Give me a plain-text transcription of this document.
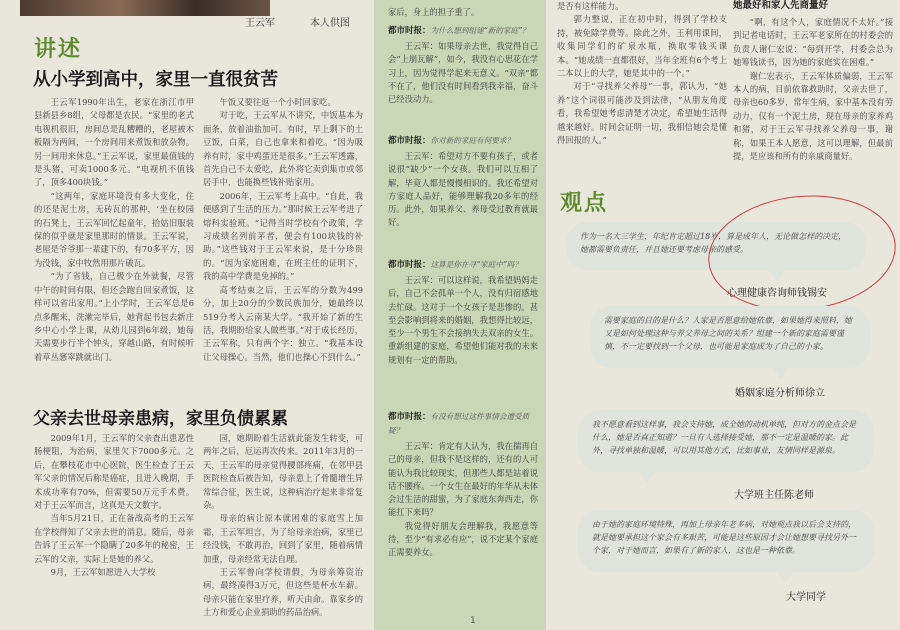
王云军	本人供图
讲述
从小学到高中，家里一直很贫苦

王云军1990年出生，老家在浙江市甲县新县乡8组，父母都是农民。“家里的老式电视机很旧，房间总是乱糟糟的，老屋被木板隔为两间，一个房间用来煮饭和放杂物。另一间用来休息。”王云军说，家里最值钱的是头猪，可卖1000多元。“电视机不值钱了，顶多400块钱。”

“这两年，家庭环境没有多大变化，住的还是泥土房，无砖瓦的那种，‘坐在校园的石凳上，王云军回忆起童年，拾姑旧服装保的似乎就是家里那时的情景。王云军说，老屋是爷爷那一辈建下的，有70多平方，因为没钱，家中牧然用那片破瓦。

“为了省钱，自己极少在外就餐，尽管中午的时间有限，但还会跑自回家煮饭，这样可以省出家用。”上小学时，王云军总是6点多醒来，洗漱完毕后，她背起书包去新庄乡中心小学上课，从幼儿园到6年级，她每天需要步行半个钟头，穿越山路，有时候听着草丛窸窣跳就出门。

午饭又要往返一个小时回家吃。

对于吃，王云军从不讲究，中饭基本为面条，放着油盐加可。有时，早上剩下的土豆饭，白菜，自己也拿来和着吃。“因为吸养有时，家中鸡蛋还是很多。”王云军透露，首先自己不太爱吃，此外将它卖到集市或邻居手中，也能换些钱补贴家用。

2006年，王云军考上高中。“自此，我便感到了生活的压力。”那时候王云军考进了熔科实验班。“记得当时学校有个政策，学习成绩名列前茅者，便会有100块钱的补助。”这些钱对于王云军来说，是十分珍贵的。“因为家庭困难，在班主任的证明下，我的高中学费是免掉的。”

高考结束之后，王云军的分数为499分，加上20分的少数民族加分，她最终以519分考入云南某大学。“我开始了新的生活，我期盼给家人做些事。”对于成长经历，王云军称，只有两个字：独立。“我基本设让父母操心。当然，他们也操心不到什么。”

父亲去世母亲患病，家里负债累累

2009年1月，王云军的父亲查出患恶性肠梗阻，为治病，家里欠下7000多元。之后，在攀枝花市中心医院，医生检查了王云军父亲的情况后称是癌症，且进入晚期，手术成功率有70%，但需要50万元手术费。对于王云军而言，这真是天文数字。

当年5月21日，正在备战高考的王云军在学校得知了父亲去世的消息。随后，母亲告诉了王云军一个隐瞒了20多年的秘密，王云军的父亲，实际上是她的养父。

9月，王云军如愿进入大学校

园，她期盼着生活就此能发生转变，可两年之后，厄运再次传来。2011年3月的一天，王云军的母亲觉得腰部疼痛，在邻甲县医院检查后被告知，母亲患上了骨髓增生异常综合征，医生说，这种病治疗起来非常复杂。

母亲的病让原本就困难的家庭雪上加霜，王云军坦言，为了给母亲治病，家里已经没钱，不敢再治，回到了家里，随着病情加重，母亲经常无法自理。

王云军曾向学校请假，为母亲筹资治病，最终凑得3万元，但这些是杯水车薪。母亲只能在家里疗养，听天由命。靠家乡的土方和爱心企业捐助的药品治病。

家后，身上的担子重了。

都市时报：为什么想到组建“新的家庭”？

王云军：如果母亲去世，我觉得自己会“上崩瓦解”，如今，我没有心思花在学习上，因为觉得学起来无意义。“双亲”都不在了，他们没有时间看到我幸福，奋斗已经没动力。

都市时报：你对新的家庭有何要求？

王云军：希望对方不要有孩子，或者说很“缺少”一个女孩。我们可以互相了解，毕竟人都是慢慢相识的。我还希望对方家庭人品好，能够理解我20多年的经历。此外，如果养父、养母受过教育就最好。

都市时报：这算是你在寻“家庭中”吗？

王云军：可以这样说，我希望妈妈走后，自己不会孤单一个人，没有归宿感地去忙碌。这对于一个女孩子是悲惨的。甚至会影响到将来的婚姻，我想得比较远，至少一个男生不会接纳失去双亲的女生。重新组建的家庭，希望他们能对我的未来规划有一定的帮助。

都市时报：有没有想过这件事情会遭受质疑？

王云军：肯定有人认为，我在揣再自己的母亲，但我不是这样的，还有的人可能认为我比较现实，但那些人都是站着说话不腰疼。一个女生在最好的年华从未体会过生活的甜蜜，为了家庭东奔西走，你能扛下来吗？

我觉得好朋友会理解我，我愿意等待，至少“有求必有应”，说不定某个家庭正需要养女。

是否有这样能力。

郭力整说，正在初中时，得到了学校支持，被免除学费等。除此之外，王利用课间，收集同学们的矿泉水瓶，换取零钱买课本。“她成绩一直都很好，当年全班有6个考上二本以上的大学，她是其中的一个。”

对于“寻找养父养母”一事，郭认为，“她养”这个词很可能涉及到法律，“从朋友角度看，我希望她考虑清楚才决定，希望她生活得越来越好。时间会证明一切，我相信她会是懂得回报的人。”

她最好和家人先商量好

“啊，有这个人，家庭情况不太好。”接到记者电话时，王云军老家所在的村委会的负责人谢仁宏说：“每到开学，村委会总为她筹钱读书，因为她的家庭实在困难。”

谢仁宏表示，王云军体质偏弱，王云军本人的病，目前依靠救助时，父亲去世了，母亲也60多岁，常年生病，家中基本没有劳动力，仅有一个泥土房，现在母亲的家养鸡和猪，对于王云军寻找养父养母一事，谢称，如果王本人愿意，这可以理解，但最前提，是应该和所有的亲戚商量好。

观点
作为一名大三学生，年纪肯定超过18岁，算是成年人，无论做怎样的决定，她都需要负责任，并且她还要考虑母亲的感受。
心理健康咨询师钱锡安
需要家庭的目的是什么？人家是否愿意给她依靠，如果她得来照料，她又是如何处理这种与养父养母之间的关系？组建一个新的家庭需要谨慎，不一定要找到一个父母，也可能是家庭成为了自己的小家。
婚姻家庭分析师徐立
我不愿意看到这样事，我会支持她，成全她的动机单纯，但对方的金点会是什么，她是否真正知道？一旦有人选择接受她，那不一定是温暖的家。此外，寻找单独和温暖，可以用其他方式，比如事业，友情同样是源泉。
大学班主任陈老师
由于她的家庭环境特殊，再加上母亲年老多病，对她观点我以后会支持的，就是她要承担这个家会有多艰苦，可能是这些原因才会让她想要寻找另外一个家，对于她而言，如果有了新的家人，这也是一种依靠。
大学同学
1
